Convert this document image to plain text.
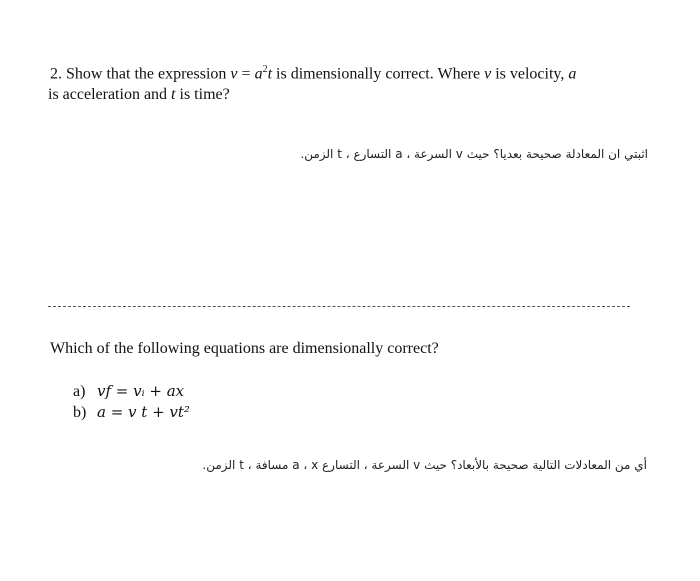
2. Show that the expression $v = a^2t$ is dimensionally correct. Where v is velocity, a
is acceleration and t is time?
اثبتي ان المعادلة صحيحة بعديا؟ حيث v السرعة ، a التسارع ، t الزمن.
Which of the following equations are dimensionally correct?
a) vf = vᵢ + ax
b) a = v t + vt²
أي من المعادلات التالية صحيحة بالأبعاد؟ حيث v السرعة ، التسارع a ، x مسافة ، t الزمن.
